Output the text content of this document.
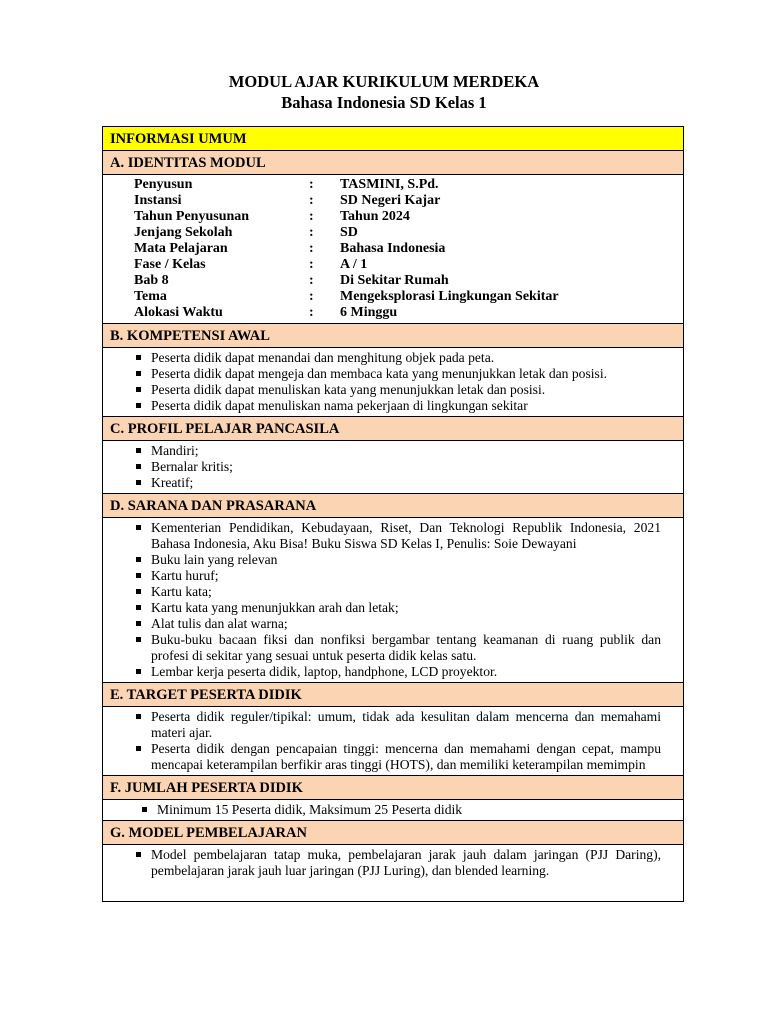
MODUL AJAR KURIKULUM MERDEKA
Bahasa Indonesia SD Kelas 1
INFORMASI UMUM
A. IDENTITAS MODUL
Penyusun	:	TASMINI, S.Pd.
Instansi	:	SD Negeri Kajar
Tahun Penyusunan	:	Tahun 2024
Jenjang Sekolah	:	SD
Mata Pelajaran	:	Bahasa Indonesia
Fase / Kelas	:	A / 1
Bab 8	:	Di Sekitar Rumah
Tema	:	Mengeksplorasi Lingkungan Sekitar
Alokasi Waktu	:	6 Minggu
B. KOMPETENSI AWAL
Peserta didik dapat menandai dan menghitung objek pada peta.
Peserta didik dapat mengeja dan membaca kata yang menunjukkan letak dan posisi.
Peserta didik dapat menuliskan kata yang menunjukkan letak dan posisi.
Peserta didik dapat menuliskan nama pekerjaan di lingkungan sekitar
C. PROFIL PELAJAR PANCASILA
Mandiri;
Bernalar kritis;
Kreatif;
D. SARANA DAN PRASARANA
Kementerian Pendidikan, Kebudayaan, Riset, Dan Teknologi Republik Indonesia, 2021 Bahasa Indonesia, Aku Bisa! Buku Siswa SD Kelas I, Penulis: Soie Dewayani
Buku lain yang relevan
Kartu huruf;
Kartu kata;
Kartu kata yang menunjukkan arah dan letak;
Alat tulis dan alat warna;
Buku-buku bacaan fiksi dan nonfiksi bergambar tentang keamanan di ruang publik dan profesi di sekitar yang sesuai untuk peserta didik kelas satu.
Lembar kerja peserta didik, laptop, handphone, LCD proyektor.
E. TARGET PESERTA DIDIK
Peserta didik reguler/tipikal: umum, tidak ada kesulitan dalam mencerna dan memahami materi ajar.
Peserta didik dengan pencapaian tinggi: mencerna dan memahami dengan cepat, mampu mencapai keterampilan berfikir aras tinggi (HOTS), dan memiliki keterampilan memimpin
F. JUMLAH PESERTA DIDIK
Minimum 15 Peserta didik, Maksimum 25 Peserta didik
G. MODEL PEMBELAJARAN
Model pembelajaran tatap muka, pembelajaran jarak jauh dalam jaringan (PJJ Daring), pembelajaran jarak jauh luar jaringan (PJJ Luring), dan blended learning.
